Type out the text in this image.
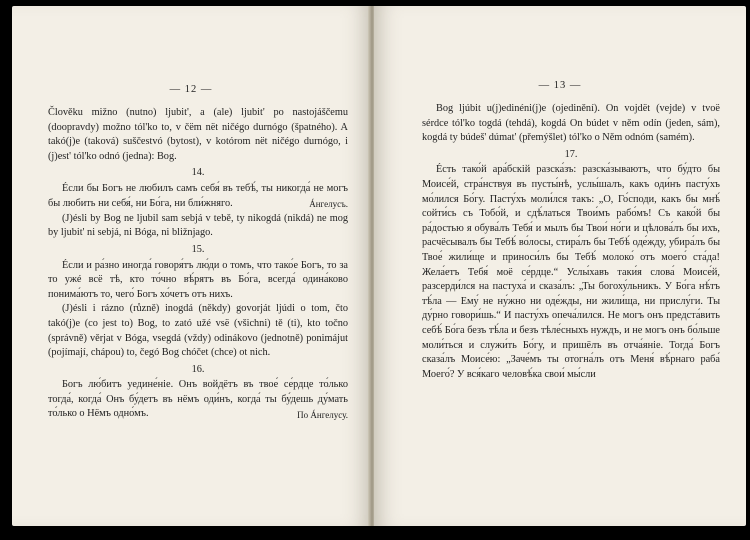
— 12 —

Člověku mižno (nutno) ljubit', a (ale) ljubit' po nastojáščemu (doopravdy) možno tól'ko to, v čëm nët ničégo durnógo (špatného). A takó(j)e (taková) suščestvó (bytost), v kotórom nët ničégo durnógo, i (j)est' tól'ko odnó (jedna): Bog.

14.

Éсли бы Богъ не любилъ самъ себя́ въ тебѣ́, ты никогда́ не могъ бы любить ни себя́, ни Бо́га, ни бли́жняго.	Áнгелусъ.

(J)ésli by Bog ne ljubil sam sebjá v tebě, ty nikogdá (nikdá) ne mog by ljubit' ni sebjá, ni Bóga, ni bližnjago.

15.

Éсли и ра́зно иногда́ говоря́тъ лю́ди о томъ, что тако́е Богъ, то за то ужé всё тѣ, кто то́чно вѣ́рятъ въ Бо́га, всегда́ одина́ково понима́ютъ то, чего́ Богъ хо́четъ отъ нихъ.

(J)ésli i rázno (různě) inogdá (někdy) govorját ljúdi o tom, čto takó(j)e (co jest to) Bog, to zató užé vsë (všichni) tě (ti), kto točno (správně) věrjat v Bóga, vsegdá (vždy) odinákovo (jednotně) ponimájut (pojímají, chápou) to, čegó Bog chóčet (chce) ot nich.

16.

Богъ лю́битъ уедине́нiе. Онъ войдётъ въ твое́ се́рдце то́лько тогда́, когда́ Онъ бу́детъ въ нёмъ оди́нъ, когда́ ты бу́дешь ду́мать то́лько о Нёмъ одно́мъ.	По Áнгелусу.

— 13 —

Bog ljúbit u(j)edinéni(j)e (ojedinění). On vojdët (vejde) v tvoë sérdce tól'ko togdá (tehdá), kogdá On búdet v něm odín (jeden, sám), kogdá ty búdeš' dúmat' (přemýšlet) tól'ko o Něm odnóm (samém).

17.

Éсть тако́й ара́бскiй разска́зъ: разска́зываютъ, что бу́дто бы Моисе́й, стра́нствуя въ пусты́нѣ, услы́шалъ, какъ оди́нъ пасту́хъ мо́лился Бо́гу. Пасту́хъ моли́лся такъ: „О, Го́споди, какъ бы мнѣ́ сойти́сь съ Тобо́й, и сдѣ́латься Твои́мъ рабо́мъ! Съ како́й бы ра́достью я обува́лъ Тебя́ и мылъ бы Твои́ но́ги и цѣлова́лъ бы ихъ, расчёсывалъ бы Тебѣ́ во́лосы, стира́лъ бы Тебѣ́ оде́жду, убира́лъ бы Твое́ жили́ще и приноси́лъ бы Тебѣ́ молоко́ отъ моего́ ста́да! Жела́етъ Тебя́ моё се́рдце.“ Услы́хавъ таки́я слова́ Моисе́й, разсерди́лся на пастуха́ и сказа́лъ: „Ты богоху́льникъ. У Бо́га нѣ́тъ тѣ́ла — Ему́ не ну́жно ни оде́жды, ни жили́ща, ни прислу́ги. Ты ду́рно говори́шь.“ И пасту́хъ опеча́лился. Не могъ онъ предста́вить себѣ́ Бо́га безъ тѣ́ла и безъ тѣле́сныхъ нуждъ, и не могъ онъ бо́льше моли́ться и служи́ть Бо́гу, и пришёлъ въ отча́янiе. Тогда́ Богъ сказа́лъ Моисе́ю: „Заче́мъ ты отогна́лъ отъ Меня́ вѣ́рнаго раба́ Моего́? У вся́каго человѣ́ка свои́ мы́сли
